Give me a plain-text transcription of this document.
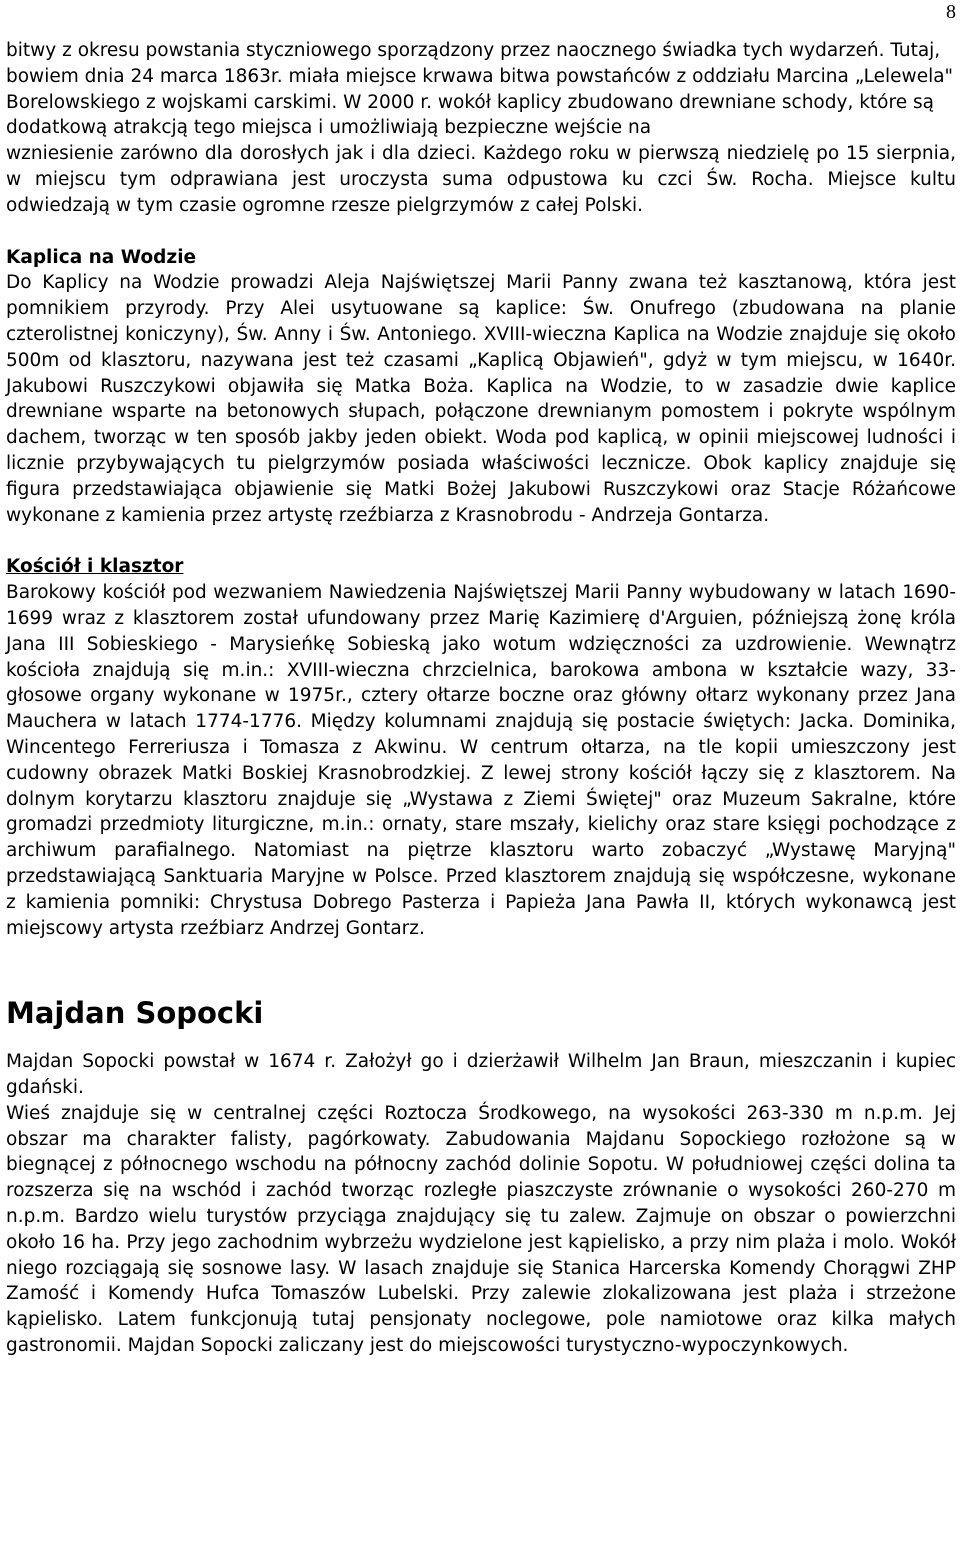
8

bitwy z okresu powstania styczniowego sporządzony przez naocznego świadka tych wydarzeń. Tutaj, bowiem dnia 24 marca 1863r. miała miejsce krwawa bitwa powstańców z oddziału Marcina „Lelewela" Borelowskiego z wojskami carskimi. W 2000 r. wokół kaplicy zbudowano drewniane schody, które są dodatkową atrakcją tego miejsca i umożliwiają bezpieczne wejście na

wzniesienie zarówno dla dorosłych jak i dla dzieci. Każdego roku w pierwszą niedzielę po 15 sierpnia, w miejscu tym odprawiana jest uroczysta suma odpustowa ku czci Św. Rocha. Miejsce kultu odwiedzają w tym czasie ogromne rzesze pielgrzymów z całej Polski.

Kaplica na Wodzie

Do Kaplicy na Wodzie prowadzi Aleja Najświętszej Marii Panny zwana też kasztanową, która jest pomnikiem przyrody. Przy Alei usytuowane są kaplice: Św. Onufrego (zbudowana na planie czterolistnej koniczyny), Św. Anny i Św. Antoniego. XVIII-wieczna Kaplica na Wodzie znajduje się około 500m od klasztoru, nazywana jest też czasami „Kaplicą Objawień", gdyż w tym miejscu, w 1640r. Jakubowi Ruszczykowi objawiła się Matka Boża. Kaplica na Wodzie, to w zasadzie dwie kaplice drewniane wsparte na betonowych słupach, połączone drewnianym pomostem i pokryte wspólnym dachem, tworząc w ten sposób jakby jeden obiekt. Woda pod kaplicą, w opinii miejscowej ludności i licznie przybywających tu pielgrzymów posiada właściwości lecznicze. Obok kaplicy znajduje się figura przedstawiająca objawienie się Matki Bożej Jakubowi Ruszczykowi oraz Stacje Różańcowe wykonane z kamienia przez artystę rzeźbiarza z Krasnobrodu - Andrzeja Gontarza.

Kościół i klasztor

Barokowy kościół pod wezwaniem Nawiedzenia Najświętszej Marii Panny wybudowany w latach 1690-1699 wraz z klasztorem został ufundowany przez Marię Kazimierę d'Arguien, późniejszą żonę króla Jana III Sobieskiego - Marysieńkę Sobieską jako wotum wdzięczności za uzdrowienie. Wewnątrz kościoła znajdują się m.in.: XVIII-wieczna chrzcielnica, barokowa ambona w kształcie wazy, 33-głosowe organy wykonane w 1975r., cztery ołtarze boczne oraz główny ołtarz wykonany przez Jana Mauchera w latach 1774-1776. Między kolumnami znajdują się postacie świętych: Jacka. Dominika, Wincentego Ferreriusza i Tomasza z Akwinu. W centrum ołtarza, na tle kopii umieszczony jest cudowny obrazek Matki Boskiej Krasnobrodzkiej. Z lewej strony kościół łączy się z klasztorem. Na dolnym korytarzu klasztoru znajduje się „Wystawa z Ziemi Świętej" oraz Muzeum Sakralne, które gromadzi przedmioty liturgiczne, m.in.: ornaty, stare mszały, kielichy oraz stare księgi pochodzące z archiwum parafialnego. Natomiast na piętrze klasztoru warto zobaczyć „Wystawę Maryjną" przedstawiającą Sanktuaria Maryjne w Polsce. Przed klasztorem znajdują się współczesne, wykonane z kamienia pomniki: Chrystusa Dobrego Pasterza i Papieża Jana Pawła II, których wykonawcą jest miejscowy artysta rzeźbiarz Andrzej Gontarz.

Majdan Sopocki

Majdan Sopocki powstał w 1674 r. Założył go i dzierżawił Wilhelm Jan Braun, mieszczanin i kupiec gdański.

Wieś znajduje się w centralnej części Roztocza Środkowego, na wysokości 263-330 m n.p.m. Jej obszar ma charakter falisty, pagórkowaty. Zabudowania Majdanu Sopockiego rozłożone są w biegnącej z północnego wschodu na północny zachód dolinie Sopotu. W południowej części dolina ta rozszerza się na wschód i zachód tworząc rozległe piaszczyste zrównanie o wysokości 260-270 m n.p.m. Bardzo wielu turystów przyciąga znajdujący się tu zalew. Zajmuje on obszar o powierzchni około 16 ha. Przy jego zachodnim wybrzeżu wydzielone jest kąpielisko, a przy nim plaża i molo. Wokół niego rozciągają się sosnowe lasy. W lasach znajduje się Stanica Harcerska Komendy Chorągwi ZHP Zamość i Komendy Hufca Tomaszów Lubelski. Przy zalewie zlokalizowana jest plaża i strzeżone kąpielisko. Latem funkcjonują tutaj pensjonaty noclegowe, pole namiotowe oraz kilka małych gastronomii. Majdan Sopocki zaliczany jest do miejscowości turystyczno-wypoczynkowych.
